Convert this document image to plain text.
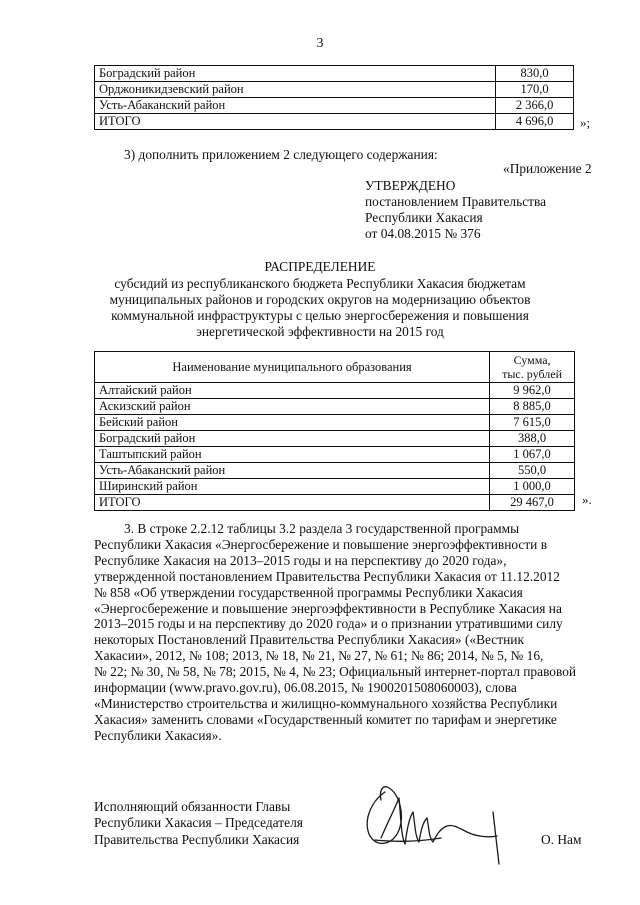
3
Боградский район	830,0
Орджоникидзевский район	170,0
Усть-Абаканский район	2 366,0
ИТОГО	4 696,0 »;
3) дополнить приложением 2 следующего содержания:
«Приложение 2
УТВЕРЖДЕНО
постановлением Правительства
Республики Хакасия
от 04.08.2015 № 376
РАСПРЕДЕЛЕНИЕ
субсидий из республиканского бюджета Республики Хакасия бюджетам
муниципальных районов и городских округов на модернизацию объектов
коммунальной инфраструктуры с целью энергосбережения и повышения
энергетической эффективности на 2015 год
Наименование муниципального образования	Сумма,
тыс. рублей
Алтайский район	9 962,0
Аскизский район	8 885,0
Бейский район	7 615,0
Боградский район	388,0
Таштыпский район	1 067,0
Усть-Абаканский район	550,0
Ширинский район	1 000,0
ИТОГО	29 467,0 ».
3. В строке 2.2.12 таблицы 3.2 раздела 3 государственной программы
Республики Хакасия «Энергосбережение и повышение энергоэффективности в
Республике Хакасия на 2013–2015 годы и на перспективу до 2020 года»,
утвержденной постановлением Правительства Республики Хакасия от 11.12.2012
№ 858 «Об утверждении государственной программы Республики Хакасия
«Энергосбережение и повышение энергоэффективности в Республике Хакасия на
2013–2015 годы и на перспективу до 2020 года» и о признании утратившими силу
некоторых Постановлений Правительства Республики Хакасия» («Вестник
Хакасии», 2012, № 108; 2013, № 18, № 21, № 27, № 61; № 86; 2014, № 5, № 16,
№ 22; № 30, № 58, № 78; 2015, № 4, № 23; Официальный интернет-портал правовой
информации (www.pravo.gov.ru), 06.08.2015, № 1900201508060003), слова
«Министерство строительства и жилищно-коммунального хозяйства Республики
Хакасия» заменить словами «Государственный комитет по тарифам и энергетике
Республики Хакасия».
Исполняющий обязанности Главы
Республики Хакасия – Председателя
Правительства Республики Хакасия	О. Нам
